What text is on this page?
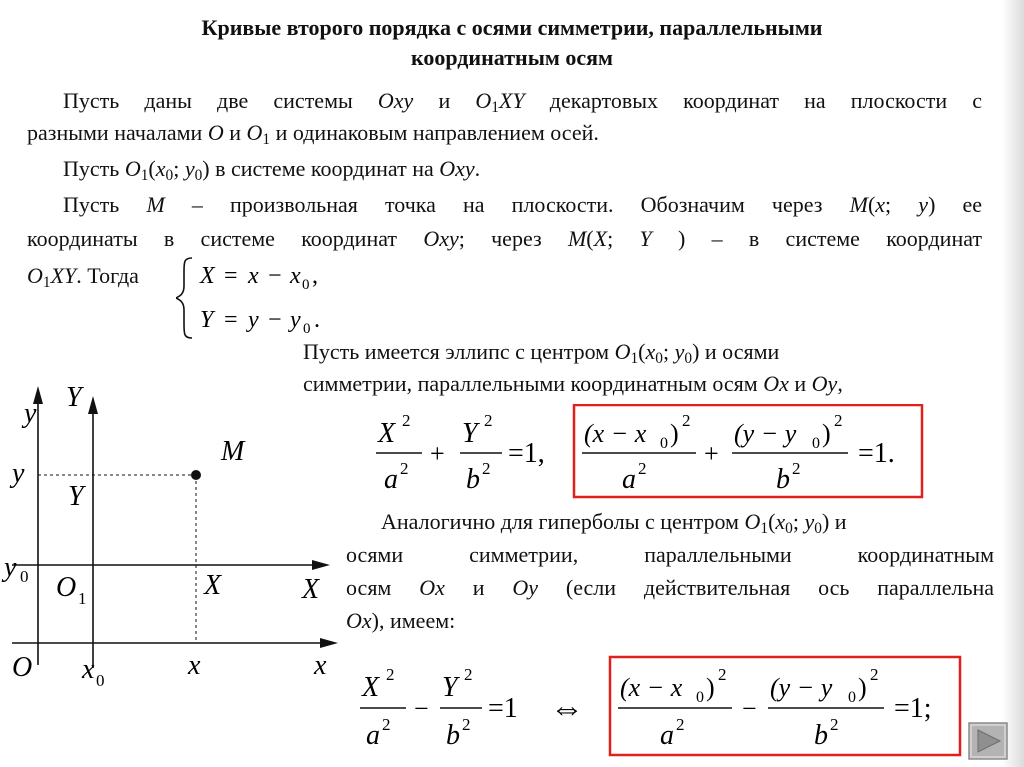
Кривые второго порядка с осями симметрии, параллельными
координатным осям
Пусть даны две системы Oxy и $O_1XY$ декартовых координат на плоскости с
разными началами O и $O_1$ и одинаковым направлением осей.
Пусть $O_1(x_0$; $y_0$) в системе координат на Oxy.
Пусть M – произвольная точка на плоскости. Обозначим через M(x; y) ее
координаты в системе координат Oxy; через M(X; Y ) – в системе координат
$O_1XY$. Тогда	X = x − x 0 ,
Y = y − y 0 .
Пусть имеется эллипс с центром $O_1(x_0$; $y_0$) и осями
симметрии, параллельными координатным осям Ox и Oy,
X 2
a 2
+
Y 2
b 2 =1,
(x − x 0 ) 2
a 2
+
(y − y 0 ) 2
b 2 =1.
Аналогично для гиперболы с центром $O_1(x_0$; $y_0$) и
осями симметрии, параллельными координатным
осям Ox и Oy (если действительная ось параллельна
Ox), имеем:
X 2
a 2
−
Y 2
b 2
=1 ⇔
(x − x 0 ) 2
a 2
−
(y − y 0 ) 2
b 2
=1;
y
Y
M
y
Y
y 0 O 1	X	X
O x 0	x	x
